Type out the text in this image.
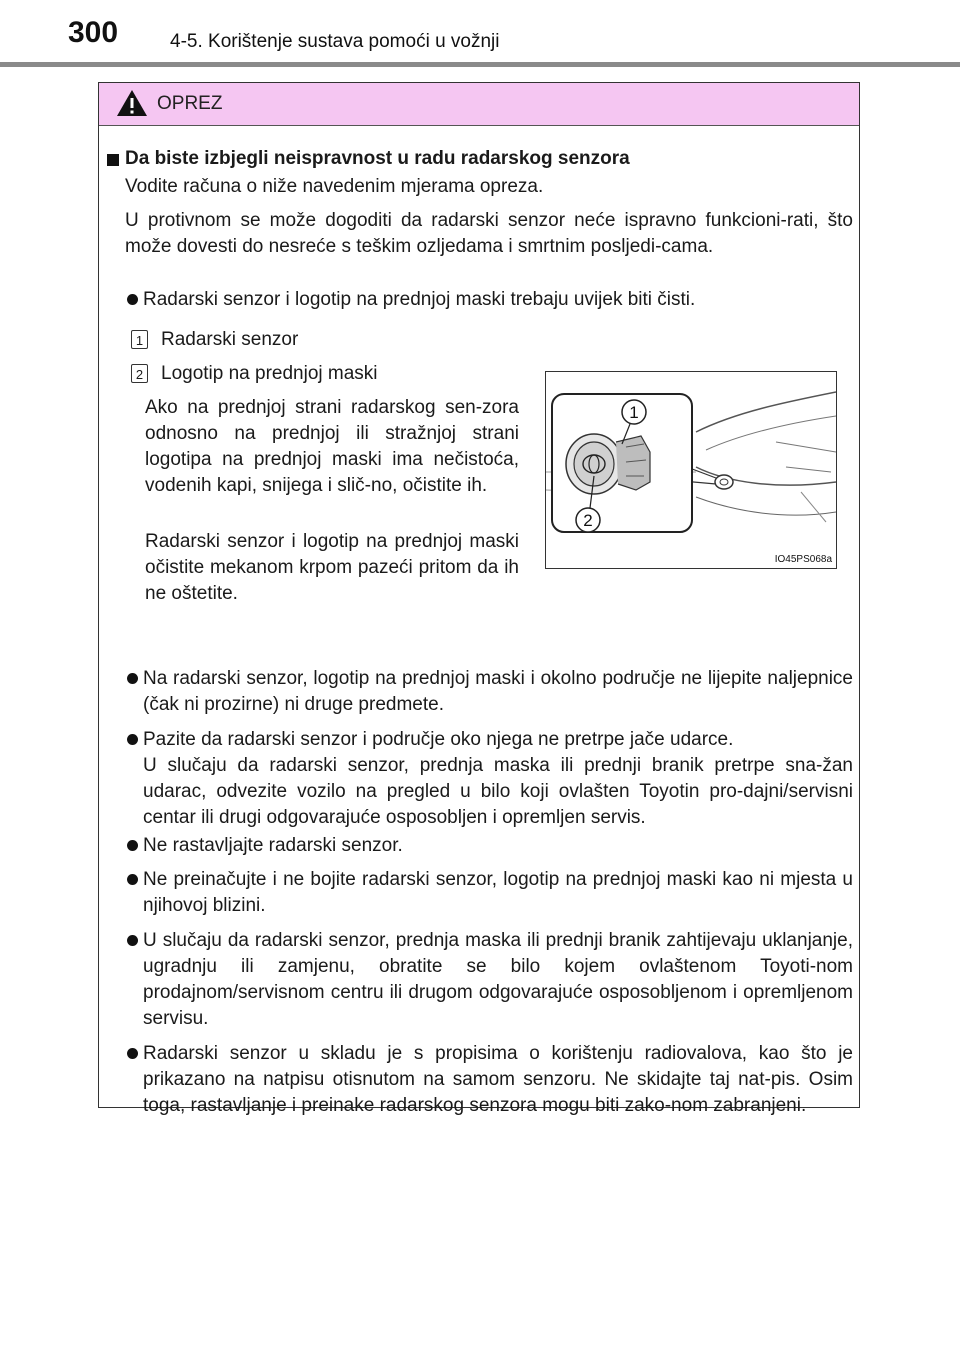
300	4-5. Korištenje sustava pomoći u vožnji
OPREZ

Da biste izbjegli neispravnost u radu radarskog senzora

Vodite računa o niže navedenim mjerama opreza.

U protivnom se može dogoditi da radarski senzor neće ispravno funkcioni-rati, što može dovesti do nesreće s teškim ozljedama i smrtnim posljedi-cama.

Radarski senzor i logotip na prednjoj maski trebaju uvijek biti čisti.

1 Radarski senzor

2 Logotip na prednjoj maski

Ako na prednjoj strani radarskog sen-zora odnosno na prednjoj ili stražnjoj strani logotipa na prednjoj maski ima nečistoća, vodenih kapi, snijega i slič-no, očistite ih.

Radarski senzor i logotip na prednjoj maski očistite mekanom krpom pazeći pritom da ih ne oštetite.

1
2
IO45PS068a

Na radarski senzor, logotip na prednjoj maski i okolno područje ne lijepite naljepnice (čak ni prozirne) ni druge predmete.

Pazite da radarski senzor i područje oko njega ne pretrpe jače udarce.

U slučaju da radarski senzor, prednja maska ili prednji branik pretrpe sna-žan udarac, odvezite vozilo na pregled u bilo koji ovlašten Toyotin pro-dajni/servisni centar ili drugi odgovarajuće osposobljen i opremljen servis.

Ne rastavljajte radarski senzor.

Ne preinačujte i ne bojite radarski senzor, logotip na prednjoj maski kao ni mjesta u njihovoj blizini.

U slučaju da radarski senzor, prednja maska ili prednji branik zahtijevaju uklanjanje, ugradnju ili zamjenu, obratite se bilo kojem ovlaštenom Toyoti-nom prodajnom/servisnom centru ili drugom odgovarajuće osposobljenom i opremljenom servisu.

Radarski senzor u skladu je s propisima o korištenju radiovalova, kao što je prikazano na natpisu otisnutom na samom senzoru. Ne skidajte taj nat-pis. Osim toga, rastavljanje i preinake radarskog senzora mogu biti zako-nom zabranjeni.
